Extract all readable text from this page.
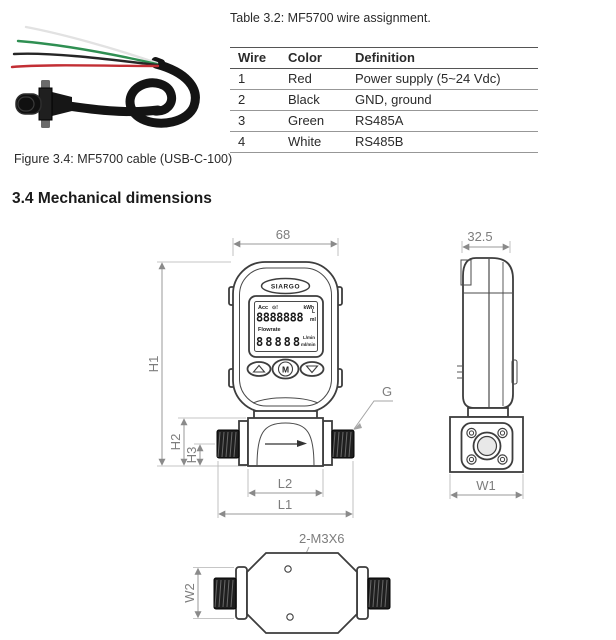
Table 3.2: MF5700 wire assignment.

Wire	Color	Definition
1	Red	Power supply (5~24 Vdc)
2	Black	GND, ground
3	Green	RS485A
4	White	RS485B
Figure 3.4: MF5700 cable (USB-C-100)
3.4 Mechanical dimensions
68
H1
H2
H3
SIARGO
Acc ⊙!	kWh
8888888 L
ml
Flowrate
88888 L/min
ml/min
M
G
L2
L1
32.5
W1
2-M3X6
W2
